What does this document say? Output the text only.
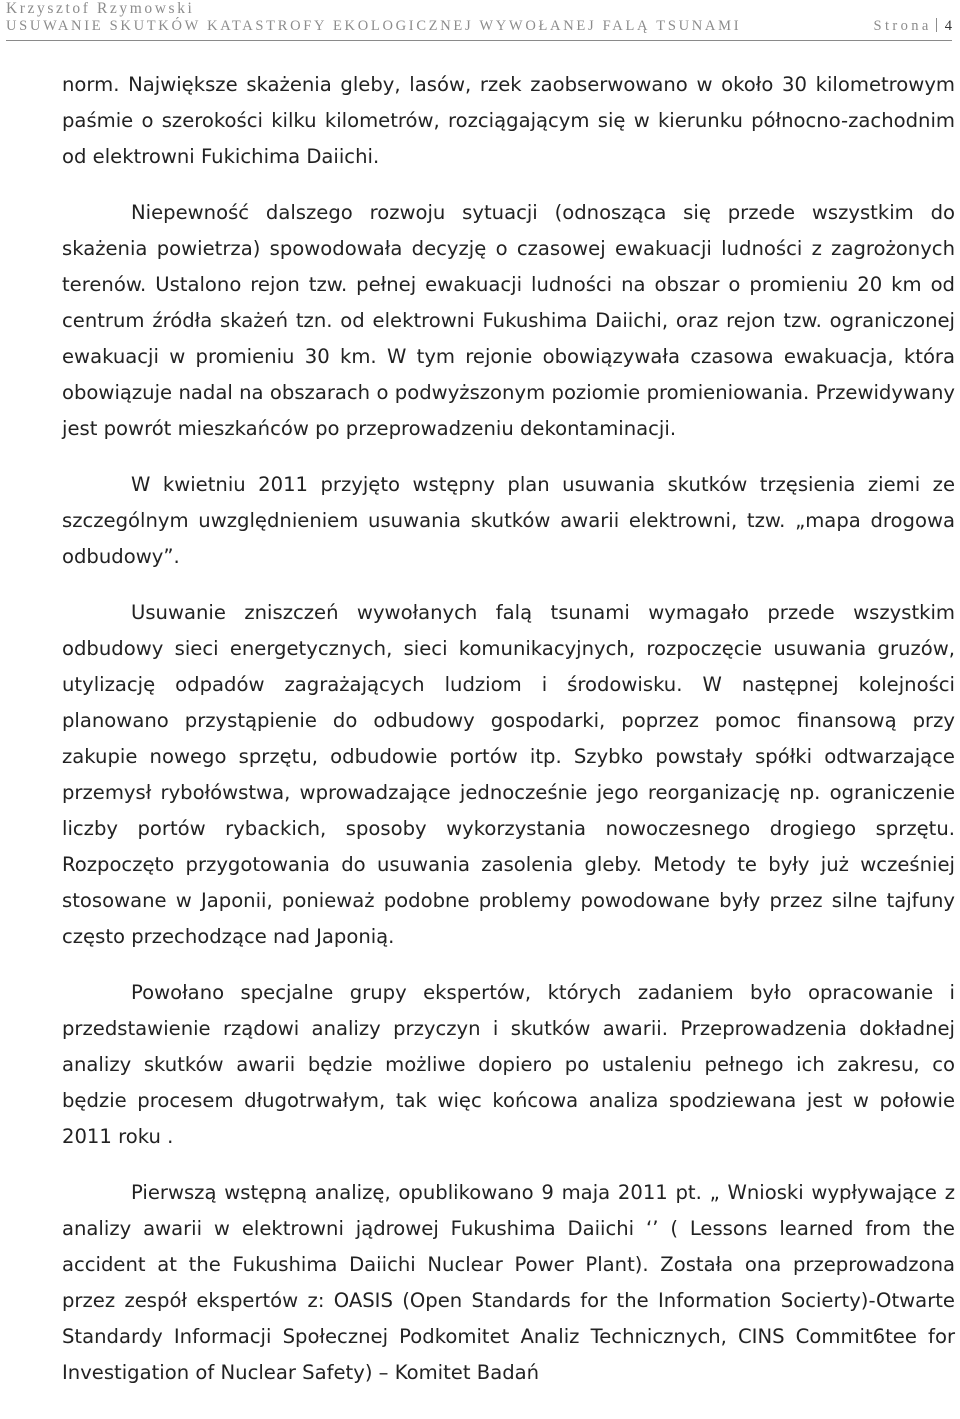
Krzysztof Rzymowski
USUWANIE SKUTKÓW KATASTROFY EKOLOGICZNEJ WYWOŁANEJ FALĄ TSUNAMI	Strona 4

norm. Największe skażenia gleby, lasów, rzek zaobserwowano w około 30 kilometrowym paśmie o szerokości kilku kilometrów, rozciągającym się w kierunku północno-zachodnim od elektrowni Fukichima Daiichi.

Niepewność dalszego rozwoju sytuacji (odnosząca się przede wszystkim do skażenia powietrza) spowodowała decyzję o czasowej ewakuacji ludności z zagrożonych terenów. Ustalono rejon tzw. pełnej ewakuacji ludności na obszar o promieniu 20 km od centrum źródła skażeń tzn. od elektrowni Fukushima Daiichi, oraz rejon tzw. ograniczonej ewakuacji w promieniu 30 km. W tym rejonie obowiązywała czasowa ewakuacja, która obowiązuje nadal na obszarach o podwyższonym poziomie promieniowania. Przewidywany jest powrót mieszkańców po przeprowadzeniu dekontaminacji.

W kwietniu 2011 przyjęto wstępny plan usuwania skutków trzęsienia ziemi ze szczególnym uwzględnieniem usuwania skutków awarii elektrowni, tzw. „mapa drogowa odbudowy”.

Usuwanie zniszczeń wywołanych falą tsunami wymagało przede wszystkim odbudowy sieci energetycznych, sieci komunikacyjnych, rozpoczęcie usuwania gruzów, utylizację odpadów zagrażających ludziom i środowisku. W następnej kolejności planowano przystąpienie do odbudowy gospodarki, poprzez pomoc finansową przy zakupie nowego sprzętu, odbudowie portów itp. Szybko powstały spółki odtwarzające przemysł rybołówstwa, wprowadzające jednocześnie jego reorganizację np. ograniczenie liczby portów rybackich, sposoby wykorzystania nowoczesnego drogiego sprzętu. Rozpoczęto przygotowania do usuwania zasolenia gleby. Metody te były już wcześniej stosowane w Japonii, ponieważ podobne problemy powodowane były przez silne tajfuny często przechodzące nad Japonią.

Powołano specjalne grupy ekspertów, których zadaniem było opracowanie i przedstawienie rządowi analizy przyczyn i skutków awarii. Przeprowadzenia dokładnej analizy skutków awarii będzie możliwe dopiero po ustaleniu pełnego ich zakresu, co będzie procesem długotrwałym, tak więc końcowa analiza spodziewana jest w połowie 2011 roku .

Pierwszą wstępną analizę, opublikowano 9 maja 2011 pt. „ Wnioski wypływające z analizy awarii w elektrowni jądrowej Fukushima Daiichi ‘’ ( Lessons learned from the accident at the Fukushima Daiichi Nuclear Power Plant). Została ona przeprowadzona przez zespół ekspertów z: OASIS (Open Standards for the Information Socierty)-Otwarte Standardy Informacji Społecznej Podkomitet Analiz Technicznych, CINS Commit6tee for Investigation of Nuclear Safety) – Komitet Badań
